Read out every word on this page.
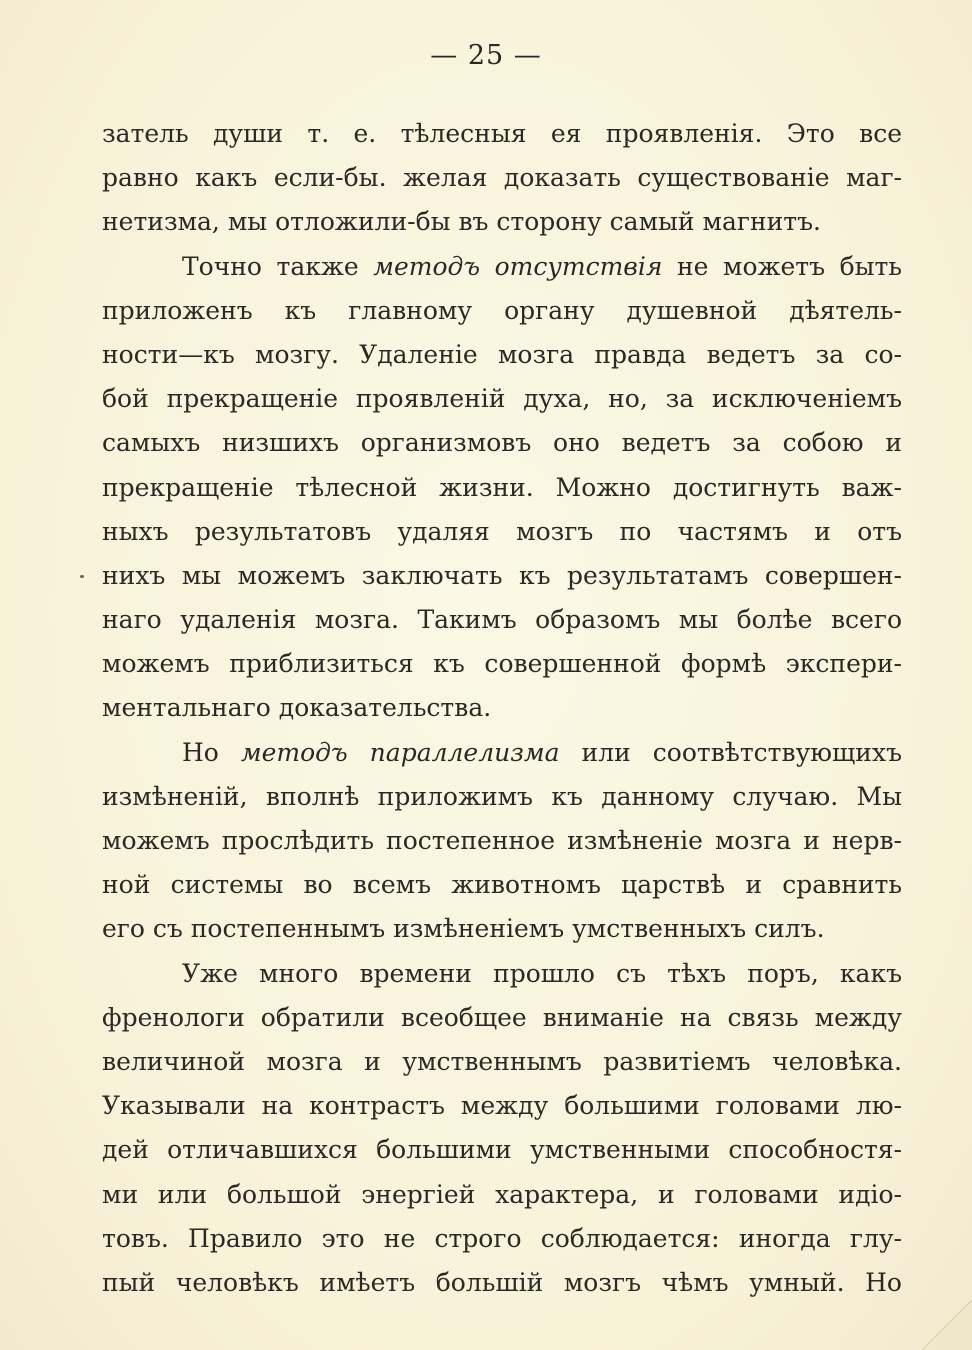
— 25 —
затель души т. е. тѣлесныя ея проявленія. Это все
равно какъ если-бы. желая доказать существованіе маг-
нетизма, мы отложили-бы въ сторону самый магнитъ.
Точно также методъ отсутствія не можетъ быть
приложенъ къ главному органу душевной дѣятель-
ности—къ мозгу. Удаленіе мозга правда ведетъ за со-
бой прекращеніе проявленій духа, но, за исключеніемъ
самыхъ низшихъ организмовъ оно ведетъ за собою и
прекращеніе тѣлесной жизни. Можно достигнуть важ-
ныхъ результатовъ удаляя мозгъ по частямъ и отъ
нихъ мы можемъ заключать къ результатамъ совершен-
наго удаленія мозга. Такимъ образомъ мы болѣе всего
можемъ приблизиться къ совершенной формѣ экспери-
ментальнаго доказательства.
Но методъ параллелизма или соотвѣтствующихъ
измѣненій, вполнѣ приложимъ къ данному случаю. Мы
можемъ прослѣдить постепенное измѣненіе мозга и нерв-
ной системы во всемъ животномъ царствѣ и сравнить
его съ постепеннымъ измѣненіемъ умственныхъ силъ.
Уже много времени прошло съ тѣхъ поръ, какъ
френологи обратили всеобщее вниманіе на связь между
величиной мозга и умственнымъ развитіемъ человѣка.
Указывали на контрастъ между большими головами лю-
дей отличавшихся большими умственными способностя-
ми или большой энергіей характера, и головами идіо-
товъ. Правило это не строго соблюдается: иногда глу-
пый человѣкъ имѣетъ большій мозгъ чѣмъ умный. Но
